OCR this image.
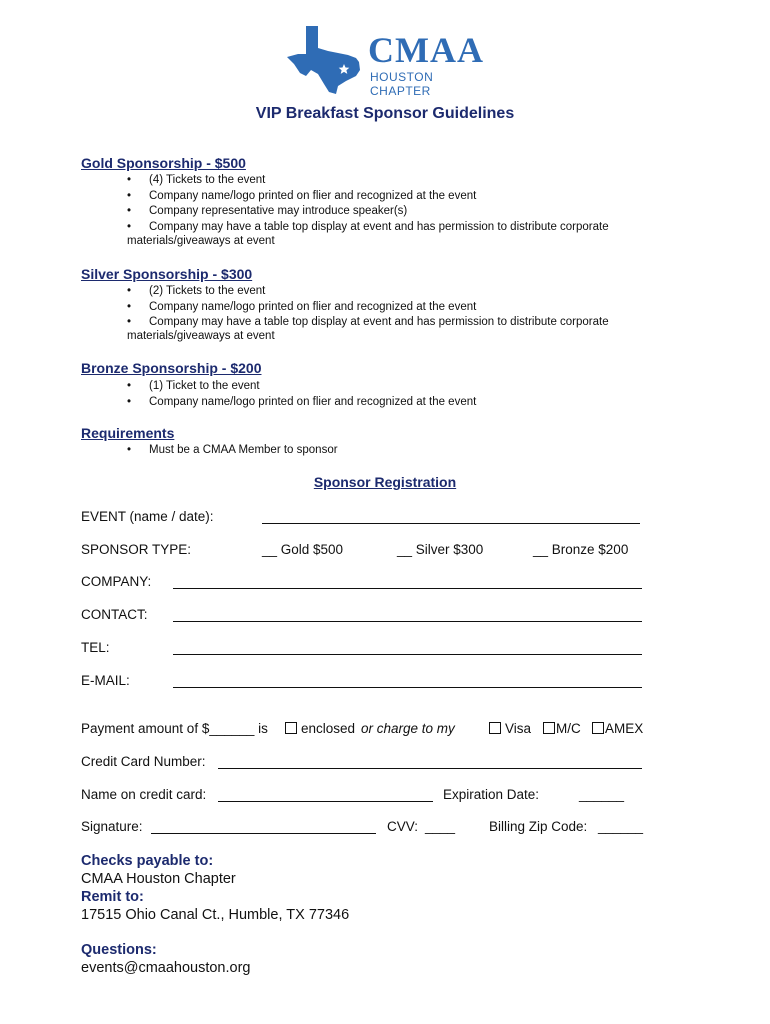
CMAA
HOUSTON CHAPTER
VIP Breakfast Sponsor Guidelines
Gold Sponsorship - $500
• (4) Tickets to the event
• Company name/logo printed on flier and recognized at the event
• Company representative may introduce speaker(s)
• Company may have a table top display at event and has permission to distribute corporate
materials/giveaways at event
Silver Sponsorship - $300
• (2) Tickets to the event
• Company name/logo printed on flier and recognized at the event
• Company may have a table top display at event and has permission to distribute corporate
materials/giveaways at event
Bronze Sponsorship - $200
• (1) Ticket to the event
• Company name/logo printed on flier and recognized at the event
Requirements
• Must be a CMAA Member to sponsor
Sponsor Registration
EVENT (name / date):
SPONSOR TYPE:	__ Gold $500	__ Silver $300	__ Bronze $200
COMPANY:
CONTACT:
TEL:
E-MAIL:
Payment amount of $______ is	enclosed or charge to my	Visa	M/C	AMEX
Credit Card Number:
Name on credit card:	Expiration Date:	______
Signature:	CVV: ____	Billing Zip Code: ______
Checks payable to:
CMAA Houston Chapter
Remit to:
17515 Ohio Canal Ct., Humble, TX 77346
Questions:
events@cmaahouston.org
